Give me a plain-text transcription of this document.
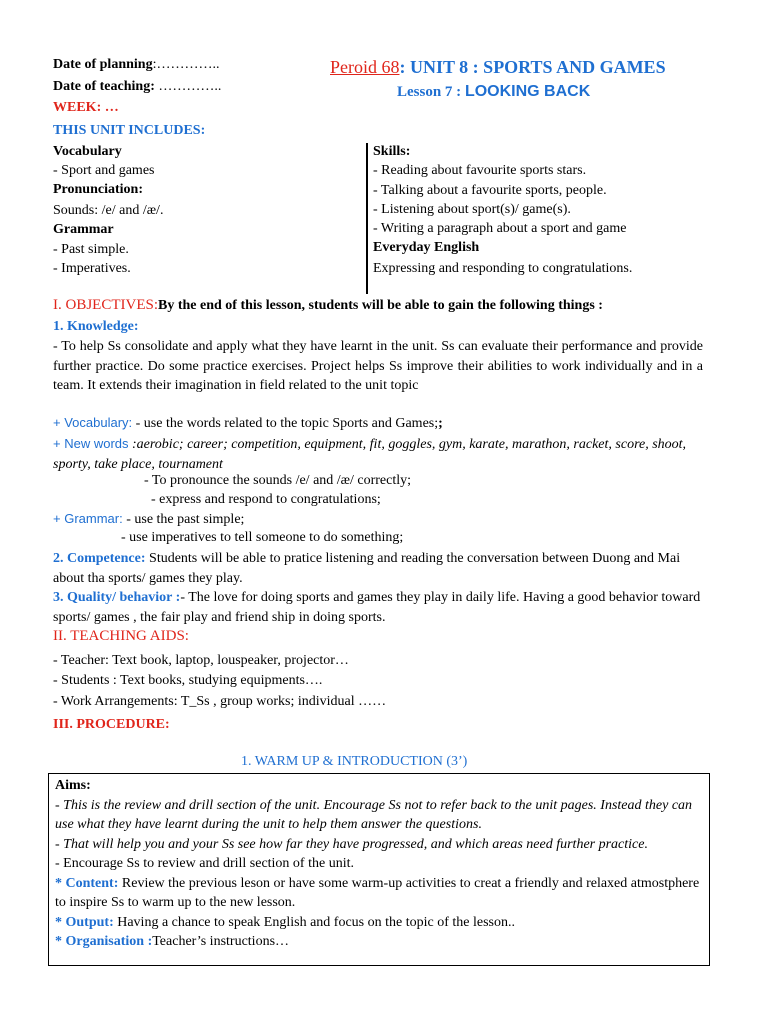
Date of planning:…………..
Date of teaching: …………..
WEEK: …
Peroid 68: UNIT 8 : SPORTS AND GAMES
Lesson 7 : LOOKING BACK
THIS UNIT INCLUDES:
Vocabulary
- Sport and games
Pronunciation:
Sounds: /e/ and /æ/.
Grammar
- Past simple.
- Imperatives.
Skills:
- Reading about favourite sports stars.
- Talking about a favourite sports, people.
- Listening about sport(s)/ game(s).
- Writing a paragraph about a sport and game
Everyday English
Expressing and responding to congratulations.
I. OBJECTIVES:By the end of this lesson, students will be able to gain the following things :
1. Knowledge:
- To help Ss consolidate and apply what they have learnt in the unit. Ss can evaluate their performance and provide further practice. Do some practice exercises. Project helps Ss improve their abilities to work individually and in a team. It extends their imagination in field related to the unit topic
+ Vocabulary: - use the words related to the topic Sports and Games;;
+ New words :aerobic; career; competition, equipment, fit, goggles, gym, karate, marathon, racket, score, shoot, sporty, take place, tournament
- To pronounce the sounds /e/ and /æ/ correctly;
- express and respond to congratulations;
+ Grammar: - use the past simple;
- use imperatives to tell someone to do something;
2. Competence: Students will be able to pratice listening and reading the conversation between Duong and Mai about tha sports/ games they play.
3. Quality/ behavior :- The love for doing sports and games they play in daily life. Having a good behavior toward sports/ games , the fair play and friend ship in doing sports.
II. TEACHING AIDS:
- Teacher: Text book, laptop, louspeaker, projector…
- Students : Text books, studying equipments….
- Work Arrangements: T_Ss , group works; individual ……
III. PROCEDURE:
1. WARM UP & INTRODUCTION (3’)
Aims:
- This is the review and drill section of the unit. Encourage Ss not to refer back to the unit pages. Instead they can use what they have learnt during the unit to help them answer the questions.
- That will help you and your Ss see how far they have progressed, and which areas need further practice.
- Encourage Ss to review and drill section of the unit.
* Content: Review the previous leson or have some warm-up activities to creat a friendly and relaxed atmostphere to inspire Ss to warm up to the new lesson.
* Output: Having a chance to speak English and focus on the topic of the lesson..
* Organisation :Teacher’s instructions…
